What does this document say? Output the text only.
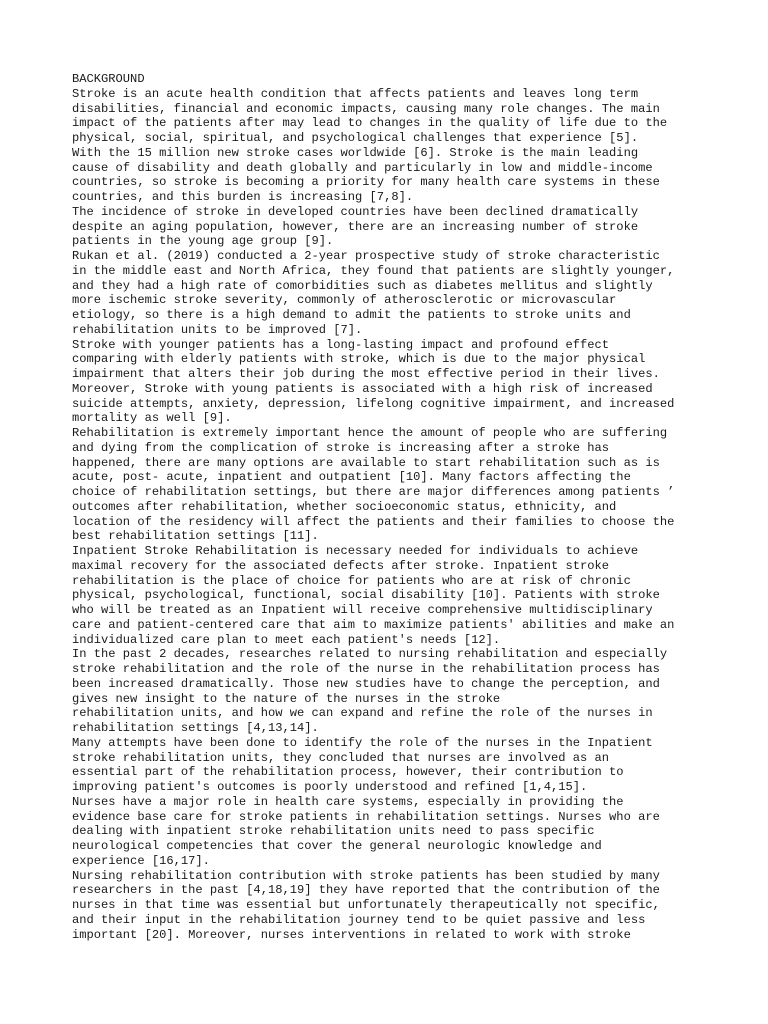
BACKGROUND
Stroke is an acute health condition that affects patients and leaves long term
disabilities, financial and economic impacts, causing many role changes. The main
impact of the patients after may lead to changes in the quality of life due to the
physical, social, spiritual, and psychological challenges that experience [5].
With the 15 million new stroke cases worldwide [6]. Stroke is the main leading
cause of disability and death globally and particularly in low and middle-income
countries, so stroke is becoming a priority for many health care systems in these
countries, and this burden is increasing [7,8].
The incidence of stroke in developed countries have been declined dramatically
despite an aging population, however, there are an increasing number of stroke
patients in the young age group [9].
Rukan et al. (2019) conducted a 2-year prospective study of stroke characteristic
in the middle east and North Africa, they found that patients are slightly younger,
and they had a high rate of comorbidities such as diabetes mellitus and slightly
more ischemic stroke severity, commonly of atherosclerotic or microvascular
etiology, so there is a high demand to admit the patients to stroke units and
rehabilitation units to be improved [7].
Stroke with younger patients has a long-lasting impact and profound effect
comparing with elderly patients with stroke, which is due to the major physical
impairment that alters their job during the most effective period in their lives.
Moreover, Stroke with young patients is associated with a high risk of increased
suicide attempts, anxiety, depression, lifelong cognitive impairment, and increased
mortality as well [9].
Rehabilitation is extremely important hence the amount of people who are suffering
and dying from the complication of stroke is increasing after a stroke has
happened, there are many options are available to start rehabilitation such as is
acute, post- acute, inpatient and outpatient [10]. Many factors affecting the
choice of rehabilitation settings, but there are major differences among patients ’
outcomes after rehabilitation, whether socioeconomic status, ethnicity, and
location of the residency will affect the patients and their families to choose the
best rehabilitation settings [11].
Inpatient Stroke Rehabilitation is necessary needed for individuals to achieve
maximal recovery for the associated defects after stroke. Inpatient stroke
rehabilitation is the place of choice for patients who are at risk of chronic
physical, psychological, functional, social disability [10]. Patients with stroke
who will be treated as an Inpatient will receive comprehensive multidisciplinary
care and patient-centered care that aim to maximize patients' abilities and make an
individualized care plan to meet each patient's needs [12].
In the past 2 decades, researches related to nursing rehabilitation and especially
stroke rehabilitation and the role of the nurse in the rehabilitation process has
been increased dramatically. Those new studies have to change the perception, and
gives new insight to the nature of the nurses in the stroke
rehabilitation units, and how we can expand and refine the role of the nurses in
rehabilitation settings [4,13,14].
Many attempts have been done to identify the role of the nurses in the Inpatient
stroke rehabilitation units, they concluded that nurses are involved as an
essential part of the rehabilitation process, however, their contribution to
improving patient's outcomes is poorly understood and refined [1,4,15].
Nurses have a major role in health care systems, especially in providing the
evidence base care for stroke patients in rehabilitation settings. Nurses who are
dealing with inpatient stroke rehabilitation units need to pass specific
neurological competencies that cover the general neurologic knowledge and
experience [16,17].
Nursing rehabilitation contribution with stroke patients has been studied by many
researchers in the past [4,18,19] they have reported that the contribution of the
nurses in that time was essential but unfortunately therapeutically not specific,
and their input in the rehabilitation journey tend to be quiet passive and less
important [20]. Moreover, nurses interventions in related to work with stroke
